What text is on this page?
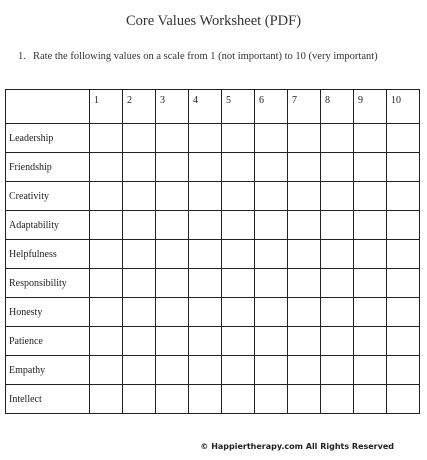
Core Values Worksheet (PDF)
1. Rate the following values on a scale from 1 (not important) to 10 (very important)
	1	2	3	4	5	6	7	8	9	10
Leadership										
Friendship										
Creativity										
Adaptability										
Helpfulness										
Responsibility										
Honesty										
Patience										
Empathy										
Intellect										
© Happiertherapy.com All Rights Reserved
